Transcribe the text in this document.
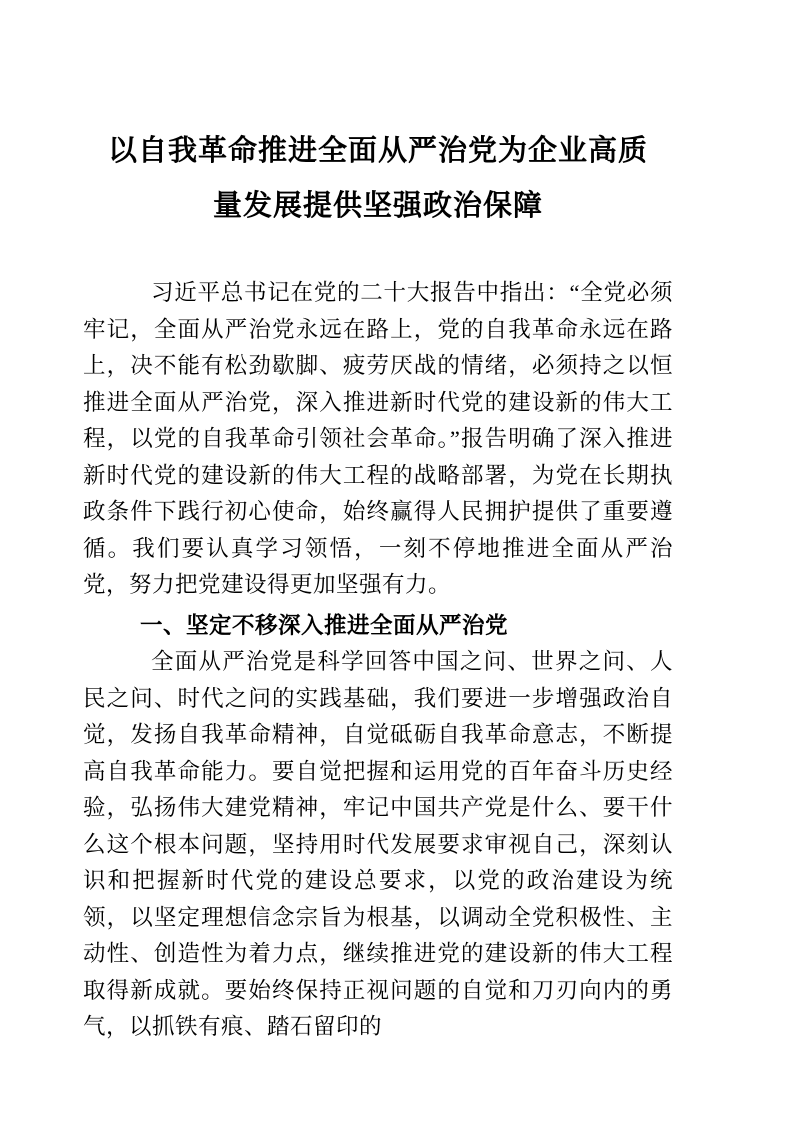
以自我革命推进全面从严治党为企业高质
量发展提供坚强政治保障

习近平总书记在党的二十大报告中指出：“全党必须牢记，全面从严治党永远在路上，党的自我革命永远在路上，决不能有松劲歇脚、疲劳厌战的情绪，必须持之以恒推进全面从严治党，深入推进新时代党的建设新的伟大工程，以党的自我革命引领社会革命。”报告明确了深入推进新时代党的建设新的伟大工程的战略部署，为党在长期执政条件下践行初心使命，始终赢得人民拥护提供了重要遵循。我们要认真学习领悟，一刻不停地推进全面从严治党，努力把党建设得更加坚强有力。

一、坚定不移深入推进全面从严治党

全面从严治党是科学回答中国之问、世界之问、人民之问、时代之问的实践基础，我们要进一步增强政治自觉，发扬自我革命精神，自觉砥砺自我革命意志，不断提高自我革命能力。要自觉把握和运用党的百年奋斗历史经验，弘扬伟大建党精神，牢记中国共产党是什么、要干什么这个根本问题，坚持用时代发展要求审视自己，深刻认识和把握新时代党的建设总要求，以党的政治建设为统领，以坚定理想信念宗旨为根基，以调动全党积极性、主动性、创造性为着力点，继续推进党的建设新的伟大工程取得新成就。要始终保持正视问题的自觉和刀刃向内的勇气，以抓铁有痕、踏石留印的
